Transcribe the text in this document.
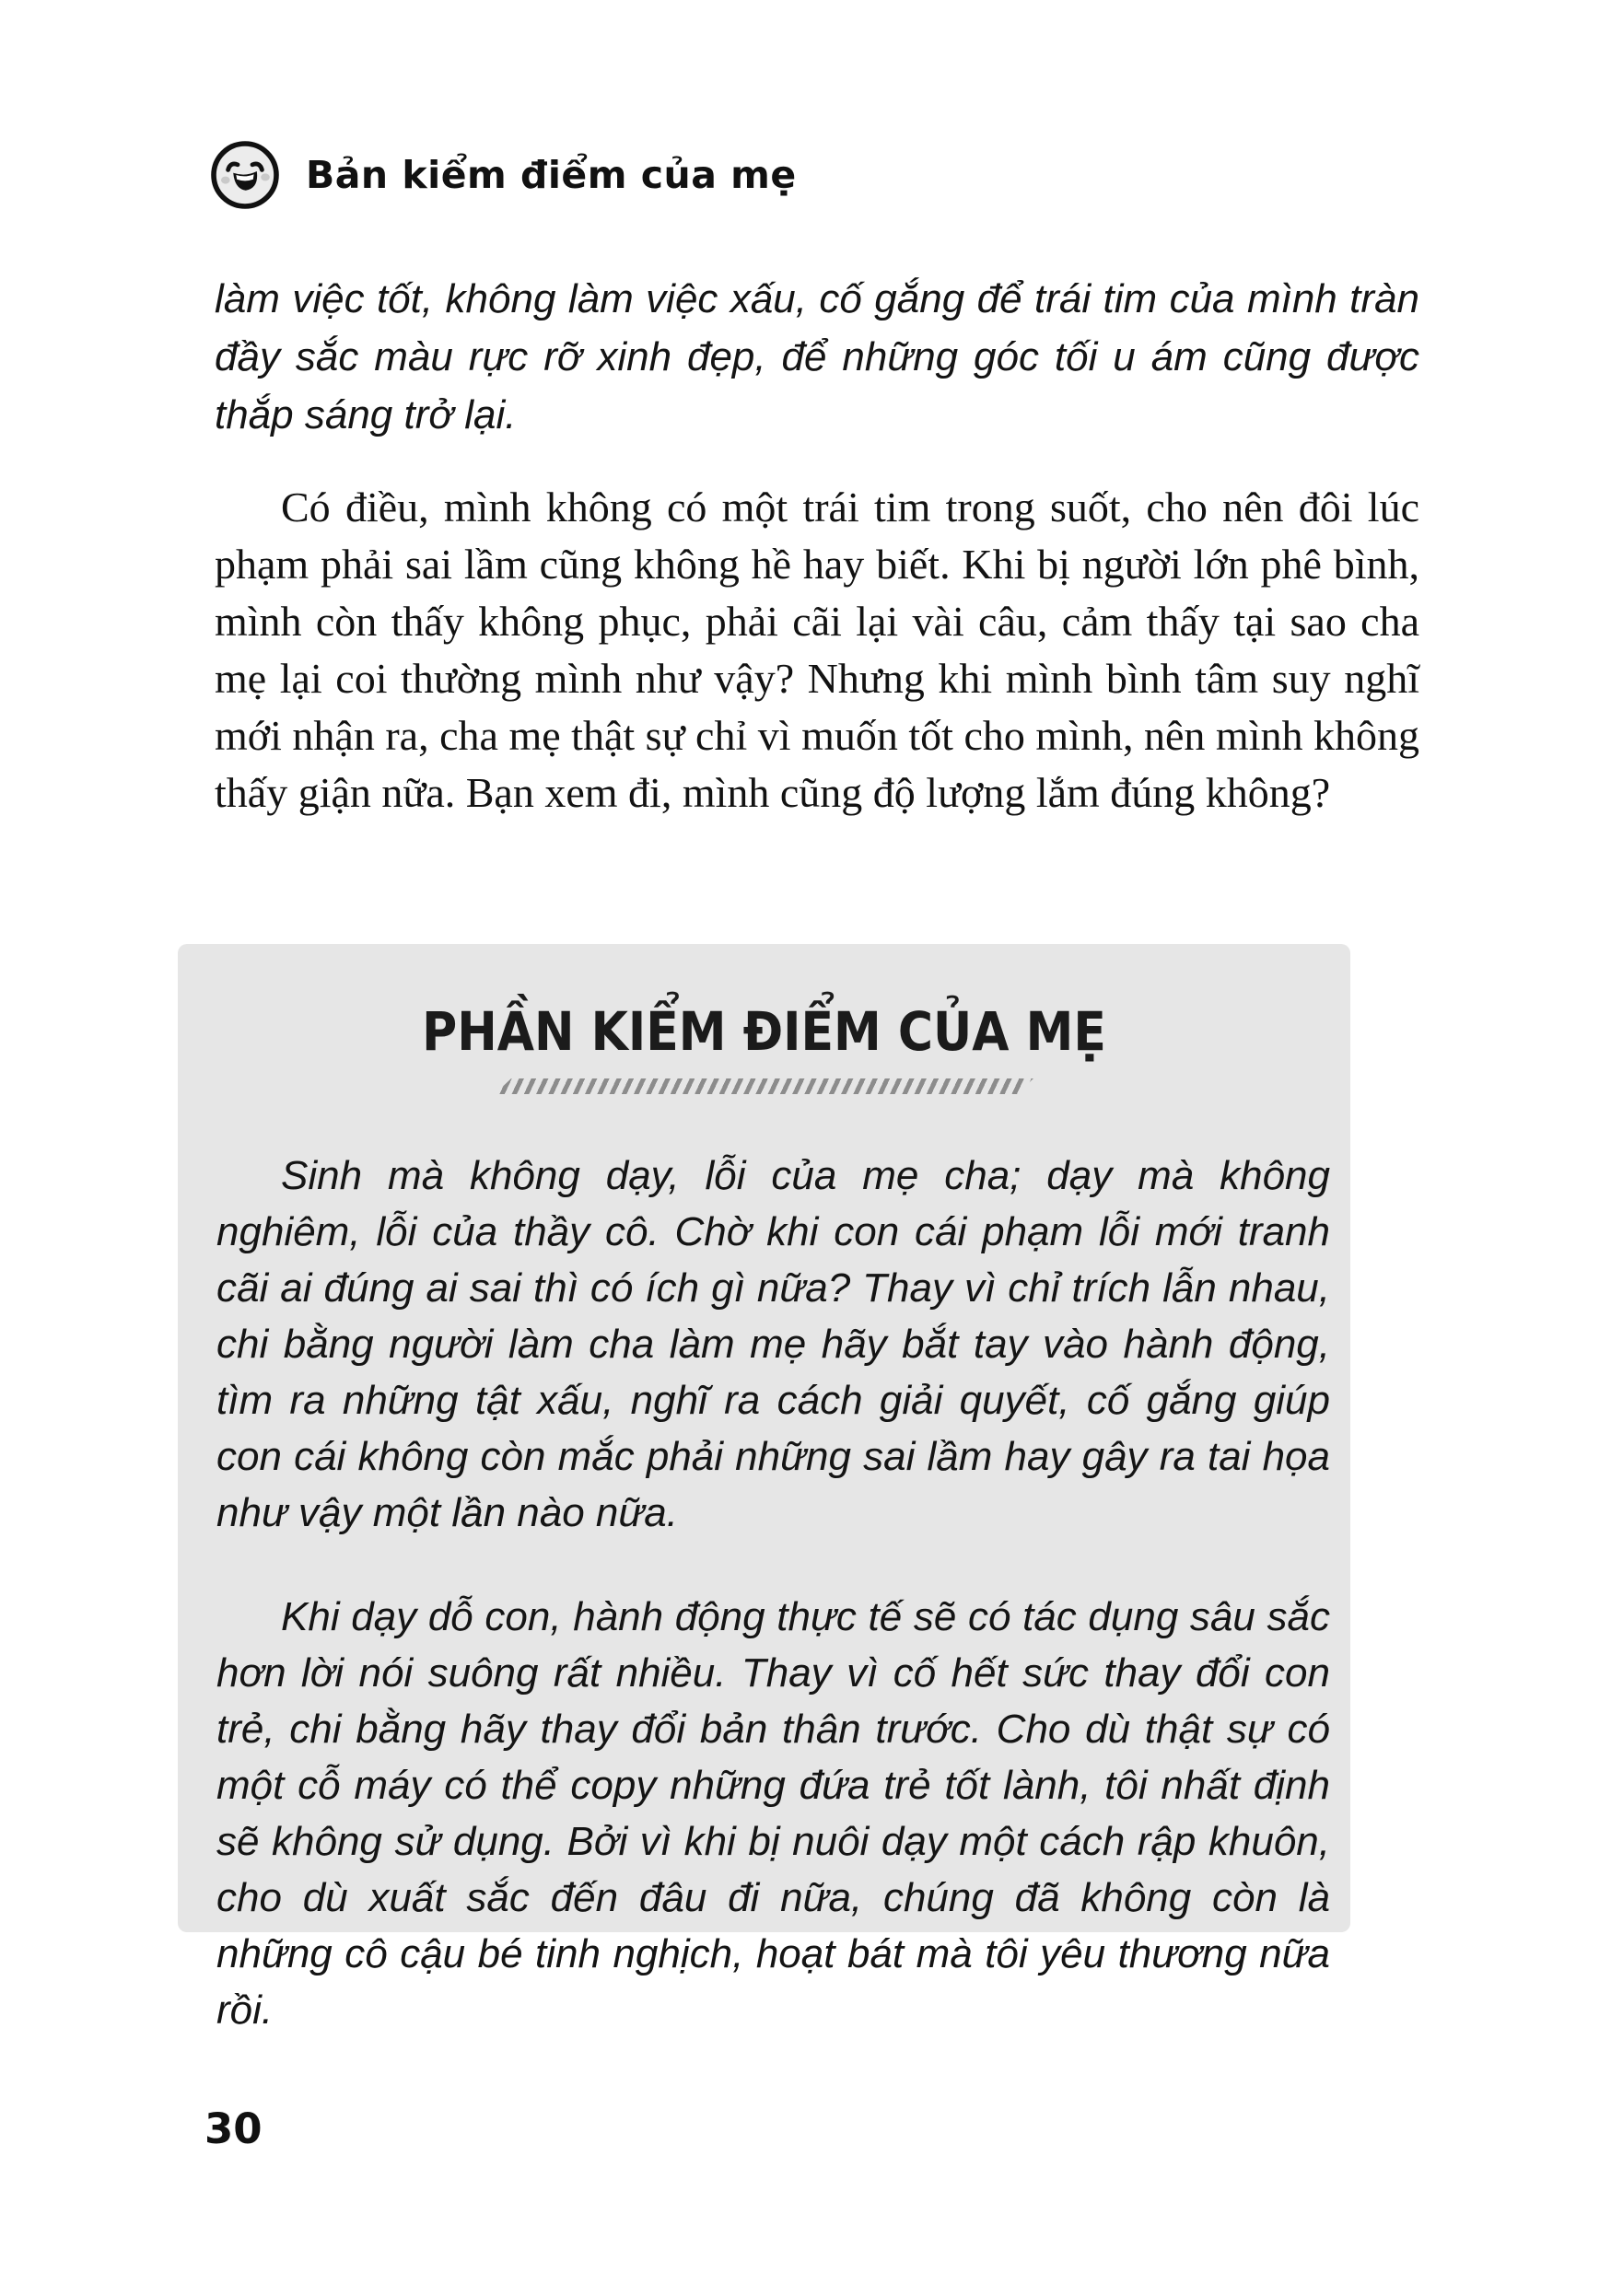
Bản kiểm điểm của mẹ

làm việc tốt, không làm việc xấu, cố gắng để trái tim của mình tràn đầy sắc màu rực rỡ xinh đẹp, để những góc tối u ám cũng được thắp sáng trở lại.

Có điều, mình không có một trái tim trong suốt, cho nên đôi lúc phạm phải sai lầm cũng không hề hay biết. Khi bị người lớn phê bình, mình còn thấy không phục, phải cãi lại vài câu, cảm thấy tại sao cha mẹ lại coi thường mình như vậy? Nhưng khi mình bình tâm suy nghĩ mới nhận ra, cha mẹ thật sự chỉ vì muốn tốt cho mình, nên mình không thấy giận nữa. Bạn xem đi, mình cũng độ lượng lắm đúng không?

PHẦN KIỂM ĐIỂM CỦA MẸ

Sinh mà không dạy, lỗi của mẹ cha; dạy mà không nghiêm, lỗi của thầy cô. Chờ khi con cái phạm lỗi mới tranh cãi ai đúng ai sai thì có ích gì nữa? Thay vì chỉ trích lẫn nhau, chi bằng người làm cha làm mẹ hãy bắt tay vào hành động, tìm ra những tật xấu, nghĩ ra cách giải quyết, cố gắng giúp con cái không còn mắc phải những sai lầm hay gây ra tai họa như vậy một lần nào nữa.

Khi dạy dỗ con, hành động thực tế sẽ có tác dụng sâu sắc hơn lời nói suông rất nhiều. Thay vì cố hết sức thay đổi con trẻ, chi bằng hãy thay đổi bản thân trước. Cho dù thật sự có một cỗ máy có thể copy những đứa trẻ tốt lành, tôi nhất định sẽ không sử dụng. Bởi vì khi bị nuôi dạy một cách rập khuôn, cho dù xuất sắc đến đâu đi nữa, chúng đã không còn là những cô cậu bé tinh nghịch, hoạt bát mà tôi yêu thương nữa rồi.

30
